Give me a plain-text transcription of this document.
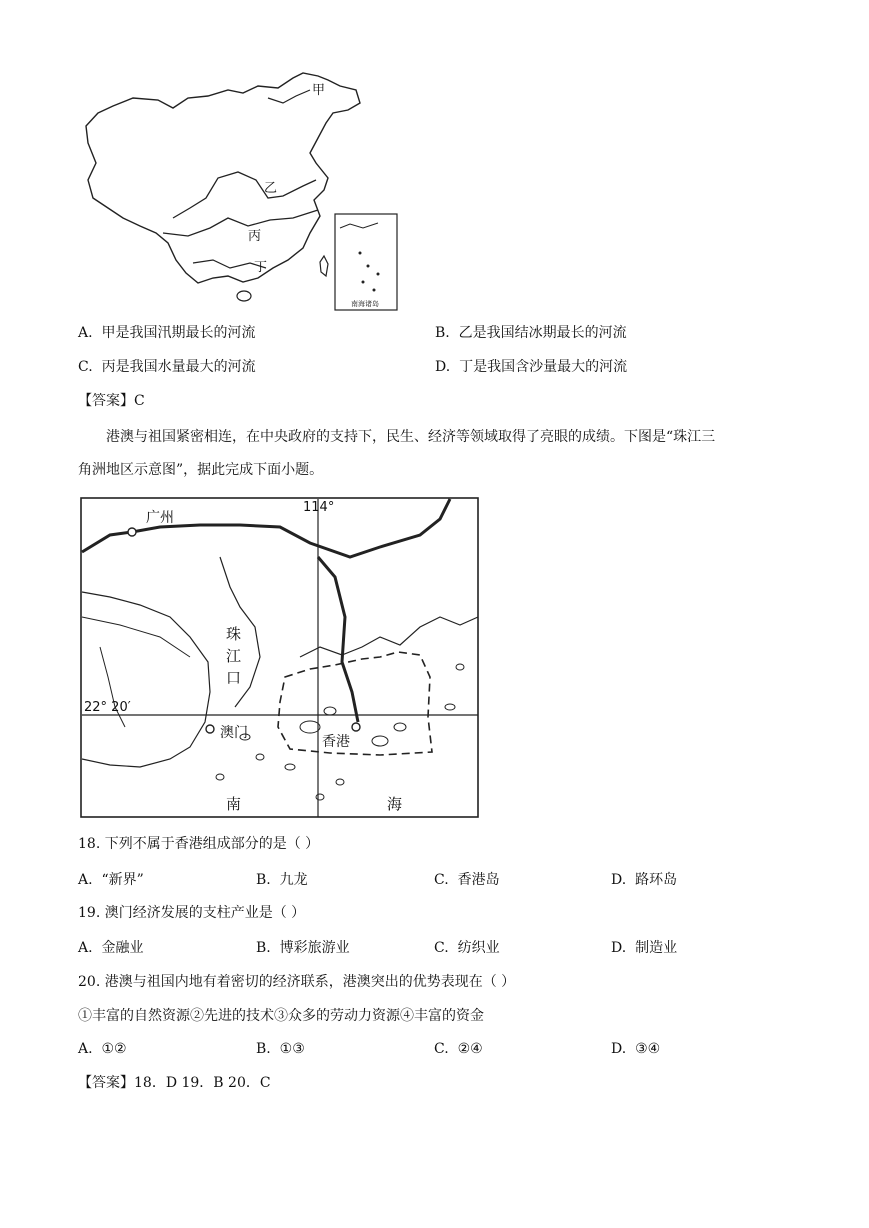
南海诸岛
甲
乙
丙
丁
A. 甲是我国汛期最长的河流	B. 乙是我国结冰期最长的河流
C. 丙是我国水量最大的河流	D. 丁是我国含沙量最大的河流
【答案】C
港澳与祖国紧密相连，在中央政府的支持下，民生、经济等领域取得了亮眼的成绩。下图是“珠江三
角洲地区示意图”，据此完成下面小题。
广州
114°
珠
江
口
22° 20′
澳门
香港
南	海
18. 下列不属于香港组成部分的是（ ）
A. “新界”	B. 九龙	C. 香港岛	D. 路环岛
19. 澳门经济发展的支柱产业是（ ）
A. 金融业	B. 博彩旅游业	C. 纺织业	D. 制造业
20. 港澳与祖国内地有着密切的经济联系，港澳突出的优势表现在（ ）
①丰富的自然资源②先进的技术③众多的劳动力资源④丰富的资金
A. ①②	B. ①③	C. ②④	D. ③④
【答案】18．D 19．B 20．C
